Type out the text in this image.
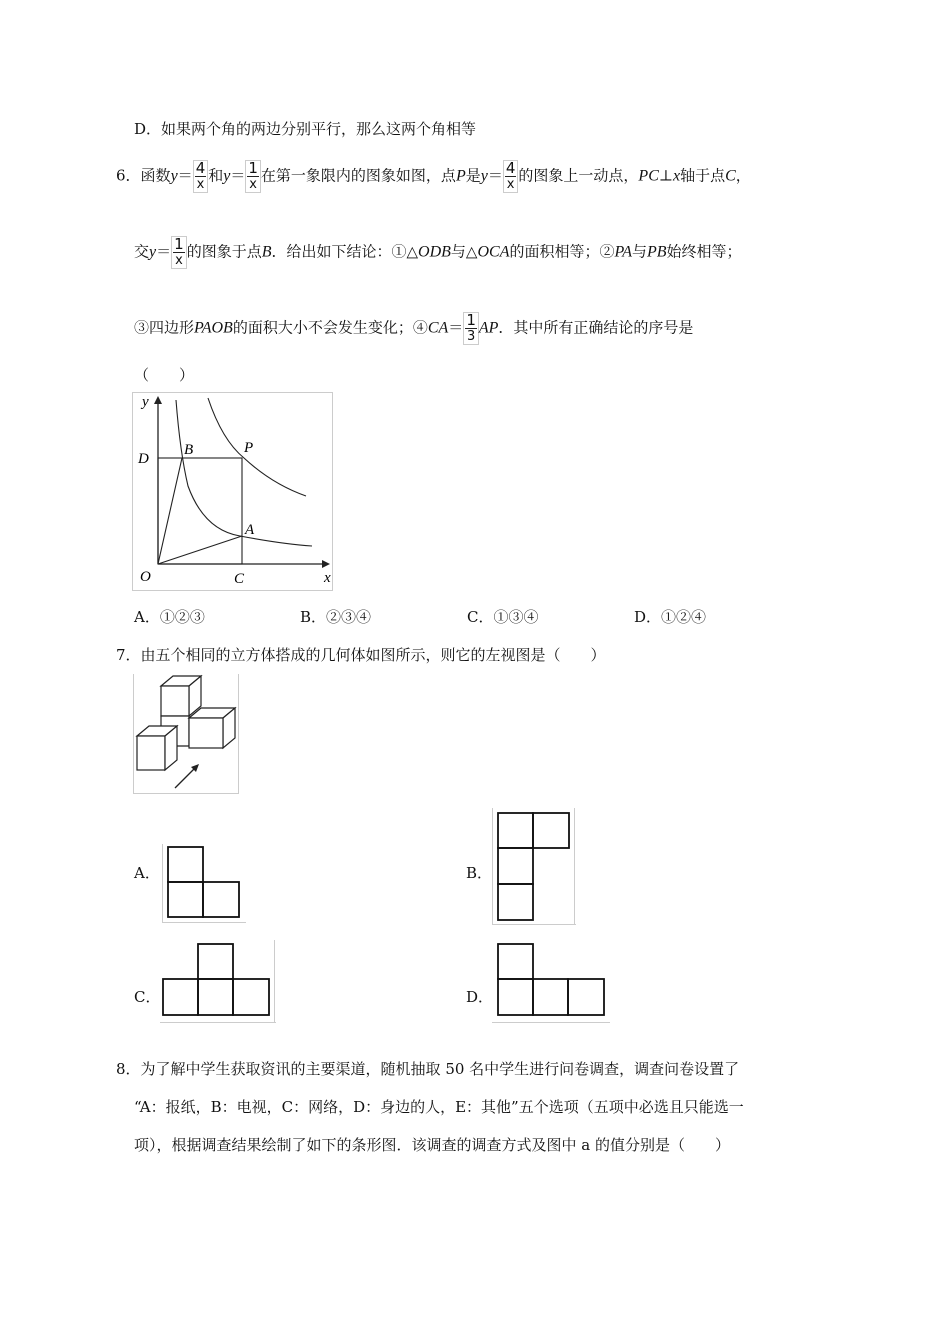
D．如果两个角的两边分别平行，那么这两个角相等
6．函数$y= \frac{4}{x}$ 和$y= \frac{1}{x}$ 在第一象限内的图象如图，点P是$y= \frac{4}{x}$ 的图象上一动点，PC⊥x轴于点C，
交$y= \frac{1}{x}$ 的图象于点B．给出如下结论：①△ODB与△OCA的面积相等；②PA与PB始终相等；
③四边形PAOB的面积大小不会发生变化；④CA＝ $\frac{1}{3}$ AP．其中所有正确结论的序号是
（　　）
y
x
O
B	P
D
A
C
A．①②③	B．②③④	C．①③④	D．①②④
7．由五个相同的立方体搭成的几何体如图所示，则它的左视图是（　　）
A．	B．
C．	D．
8．为了解中学生获取资讯的主要渠道，随机抽取 50 名中学生进行问卷调查，调查问卷设置了
“A：报纸，B：电视，C：网络，D：身边的人，E：其他”五个选项（五项中必选且只能选一
项），根据调查结果绘制了如下的条形图．该调查的调查方式及图中 a 的值分别是（　　）
